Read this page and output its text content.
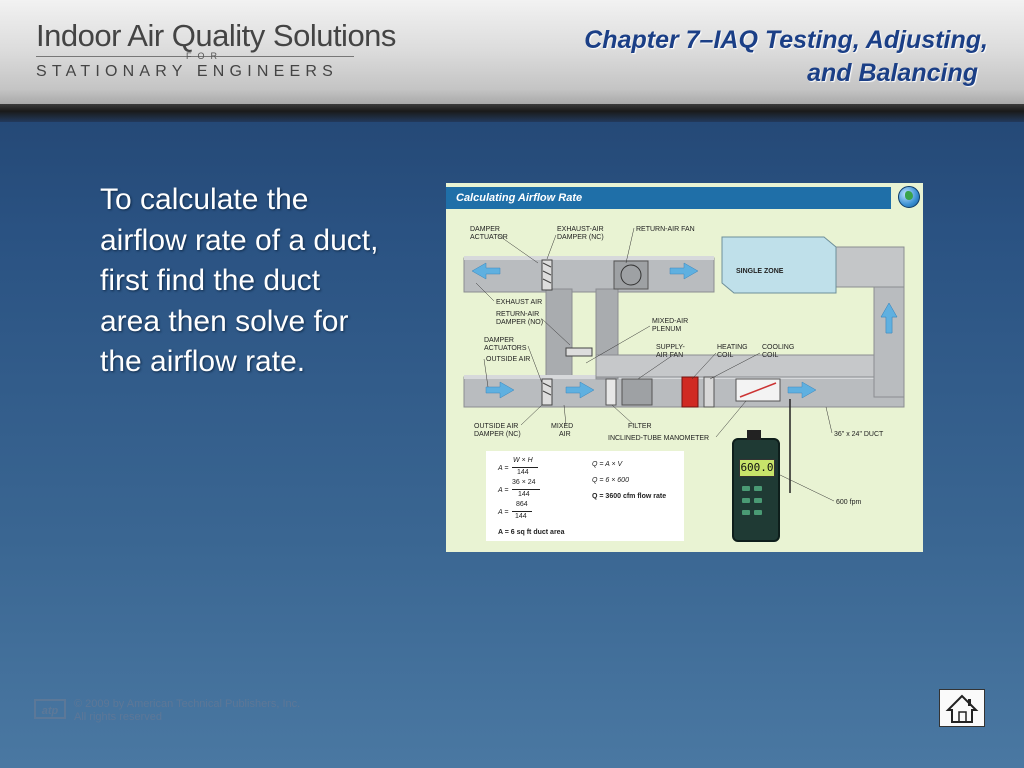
Indoor Air Quality Solutions
FOR
STATIONARY ENGINEERS
Chapter 7–IAQ Testing, Adjusting,
and Balancing
To calculate the
airflow rate of a duct,
first find the duct
area then solve for
the airflow rate.
Calculating Airflow Rate
SINGLE ZONE
DAMPER
ACTUATOR
EXHAUST-AIR
DAMPER (NC)
RETURN-AIR FAN
EXHAUST AIR
RETURN-AIR
DAMPER (NO)	MIXED-AIR
PLENUM
DAMPER
ACTUATORS
OUTSIDE AIR
SUPPLY-
AIR FAN
HEATING
COIL
COOLING
COIL
OUTSIDE AIR
DAMPER (NC)
MIXED
AIR
FILTER
INCLINED-TUBE MANOMETER
36" x 24" DUCT
600 fpm
A =
W × H
144
A =
36 × 24
144
A =
864
144
A = 6 sq ft duct area
Q = A × V
Q = 6 × 600
Q = 3600 cfm flow rate
600.0
atp
© 2009 by American Technical Publishers, Inc.
All rights reserved
